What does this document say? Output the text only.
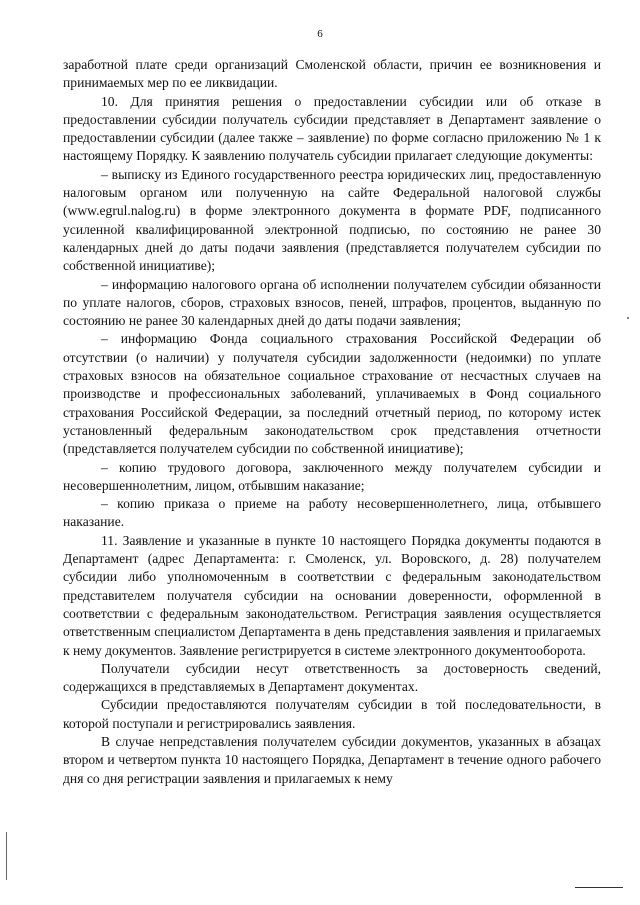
6

заработной плате среди организаций Смоленской области, причин ее возникновения и принимаемых мер по ее ликвидации.

10. Для принятия решения о предоставлении субсидии или об отказе в предоставлении субсидии получатель субсидии представляет в Департамент заявление о предоставлении субсидии (далее также – заявление) по форме согласно приложению № 1 к настоящему Порядку. К заявлению получатель субсидии прилагает следующие документы:

– выписку из Единого государственного реестра юридических лиц, предоставленную налоговым органом или полученную на сайте Федеральной налоговой службы (www.egrul.nalog.ru) в форме электронного документа в формате PDF, подписанного усиленной квалифицированной электронной подписью, по состоянию не ранее 30 календарных дней до даты подачи заявления (представляется получателем субсидии по собственной инициативе);

– информацию налогового органа об исполнении получателем субсидии обязанности по уплате налогов, сборов, страховых взносов, пеней, штрафов, процентов, выданную по состоянию не ранее 30 календарных дней до даты подачи заявления;

– информацию Фонда социального страхования Российской Федерации об отсутствии (о наличии) у получателя субсидии задолженности (недоимки) по уплате страховых взносов на обязательное социальное страхование от несчастных случаев на производстве и профессиональных заболеваний, уплачиваемых в Фонд социального страхования Российской Федерации, за последний отчетный период, по которому истек установленный федеральным законодательством срок представления отчетности (представляется получателем субсидии по собственной инициативе);

– копию трудового договора, заключенного между получателем субсидии и несовершеннолетним, лицом, отбывшим наказание;

– копию приказа о приеме на работу несовершеннолетнего, лица, отбывшего наказание.

11. Заявление и указанные в пункте 10 настоящего Порядка документы подаются в Департамент (адрес Департамента: г. Смоленск, ул. Воровского, д. 28) получателем субсидии либо уполномоченным в соответствии с федеральным законодательством представителем получателя субсидии на основании доверенности, оформленной в соответствии с федеральным законодательством. Регистрация заявления осуществляется ответственным специалистом Департамента в день представления заявления и прилагаемых к нему документов. Заявление регистрируется в системе электронного документооборота.

Получатели субсидии несут ответственность за достоверность сведений, содержащихся в представляемых в Департамент документах.

Субсидии предоставляются получателям субсидии в той последовательности, в которой поступали и регистрировались заявления.

В случае непредставления получателем субсидии документов, указанных в абзацах втором и четвертом пункта 10 настоящего Порядка, Департамент в течение одного рабочего дня со дня регистрации заявления и прилагаемых к нему
